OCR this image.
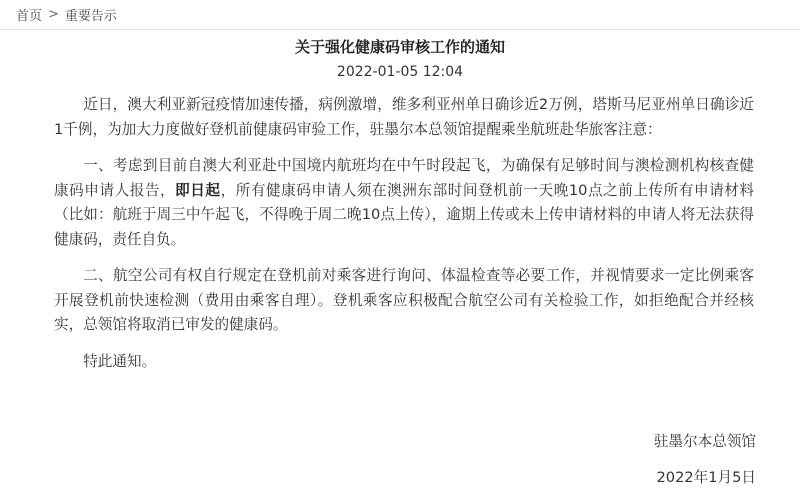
首页 > 重要告示
关于强化健康码审核工作的通知
2022-01-05 12:04

近日，澳大利亚新冠疫情加速传播，病例激增，维多利亚州单日确诊近2万例，塔斯马尼亚州单日确诊近1千例，为加大力度做好登机前健康码审验工作，驻墨尔本总领馆提醒乘坐航班赴华旅客注意：

一、考虑到目前自澳大利亚赴中国境内航班均在中午时段起飞，为确保有足够时间与澳检测机构核查健康码申请人报告，即日起，所有健康码申请人须在澳洲东部时间登机前一天晚10点之前上传所有申请材料（比如：航班于周三中午起飞，不得晚于周二晚10点上传），逾期上传或未上传申请材料的申请人将无法获得健康码，责任自负。

二、航空公司有权自行规定在登机前对乘客进行询问、体温检查等必要工作，并视情要求一定比例乘客开展登机前快速检测（费用由乘客自理）。登机乘客应积极配合航空公司有关检验工作，如拒绝配合并经核实，总领馆将取消已审发的健康码。

特此通知。

驻墨尔本总领馆
2022年1月5日
